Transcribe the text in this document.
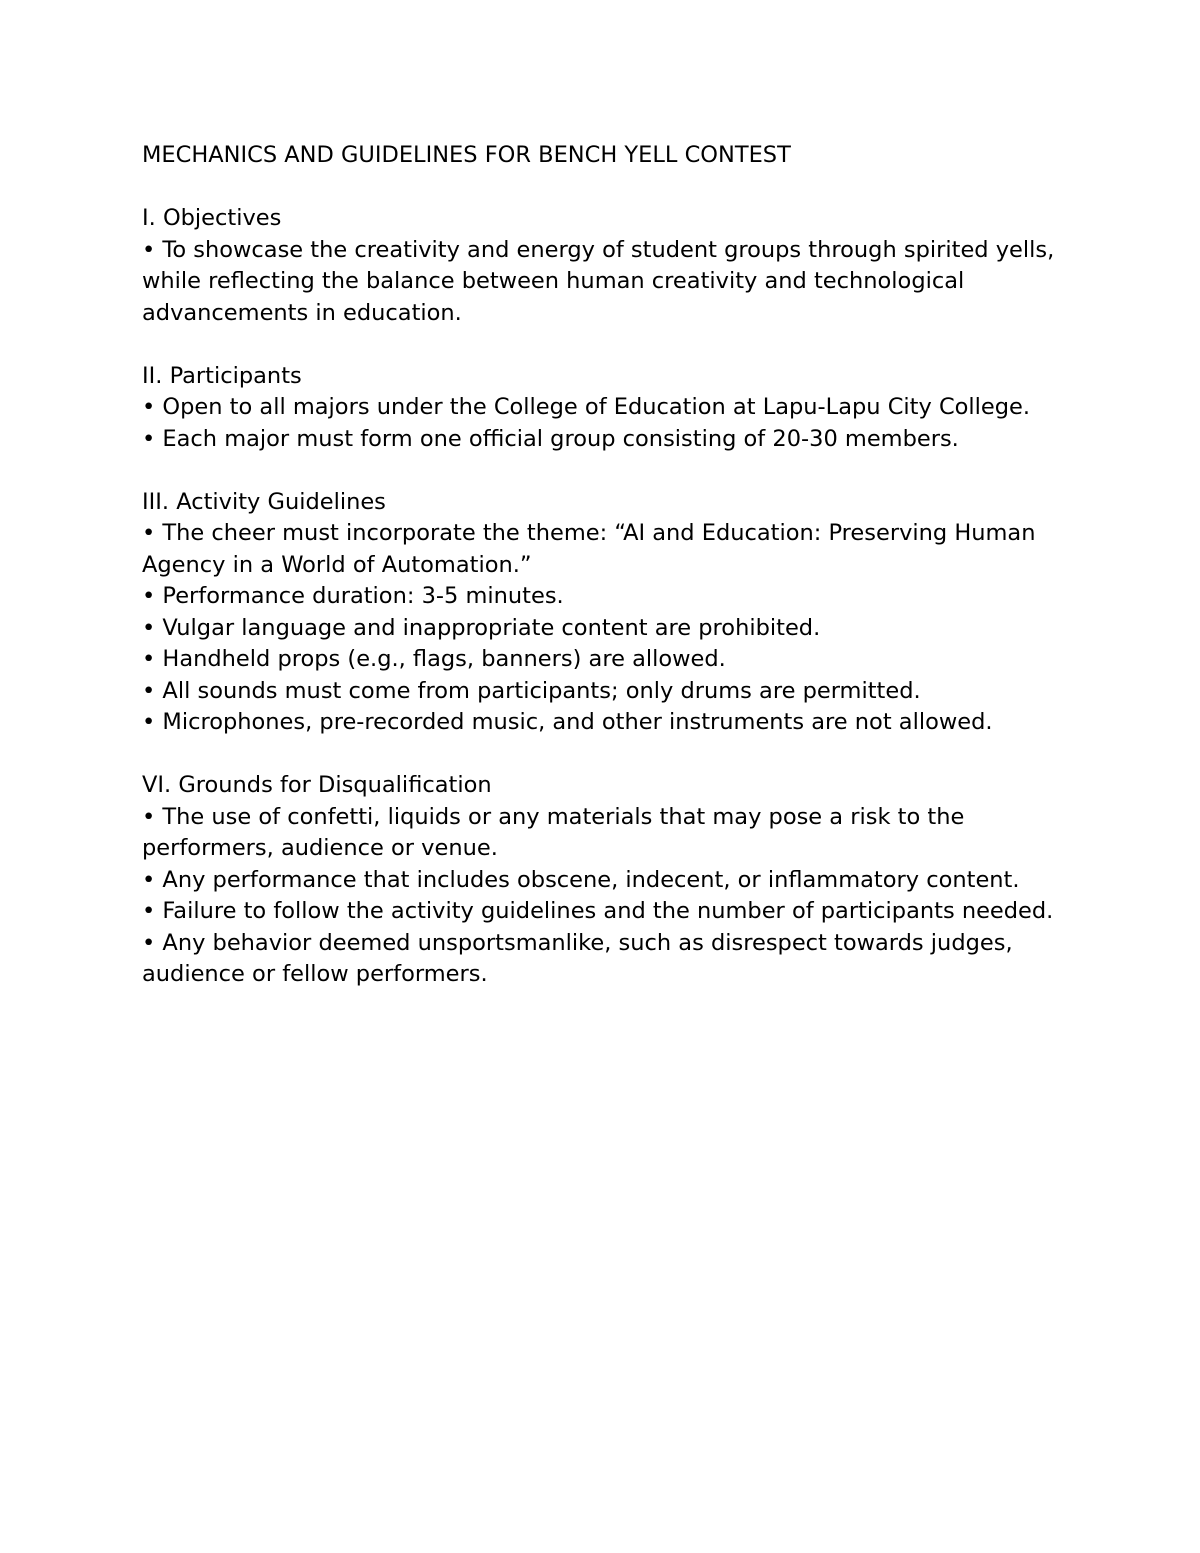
MECHANICS AND GUIDELINES FOR BENCH YELL CONTEST

I. Objectives

• To showcase the creativity and energy of student groups through spirited yells, while reflecting the balance between human creativity and technological advancements in education.

II. Participants

• Open to all majors under the College of Education at Lapu-Lapu City College.

• Each major must form one official group consisting of 20-30 members.

III. Activity Guidelines

• The cheer must incorporate the theme: “AI and Education: Preserving Human Agency in a World of Automation.”

• Performance duration: 3-5 minutes.

• Vulgar language and inappropriate content are prohibited.

• Handheld props (e.g., flags, banners) are allowed.

• All sounds must come from participants; only drums are permitted.

• Microphones, pre-recorded music, and other instruments are not allowed.

VI. Grounds for Disqualification

• The use of confetti, liquids or any materials that may pose a risk to the performers, audience or venue.

• Any performance that includes obscene, indecent, or inflammatory content.

• Failure to follow the activity guidelines and the number of participants needed.

• Any behavior deemed unsportsmanlike, such as disrespect towards judges, audience or fellow performers.
